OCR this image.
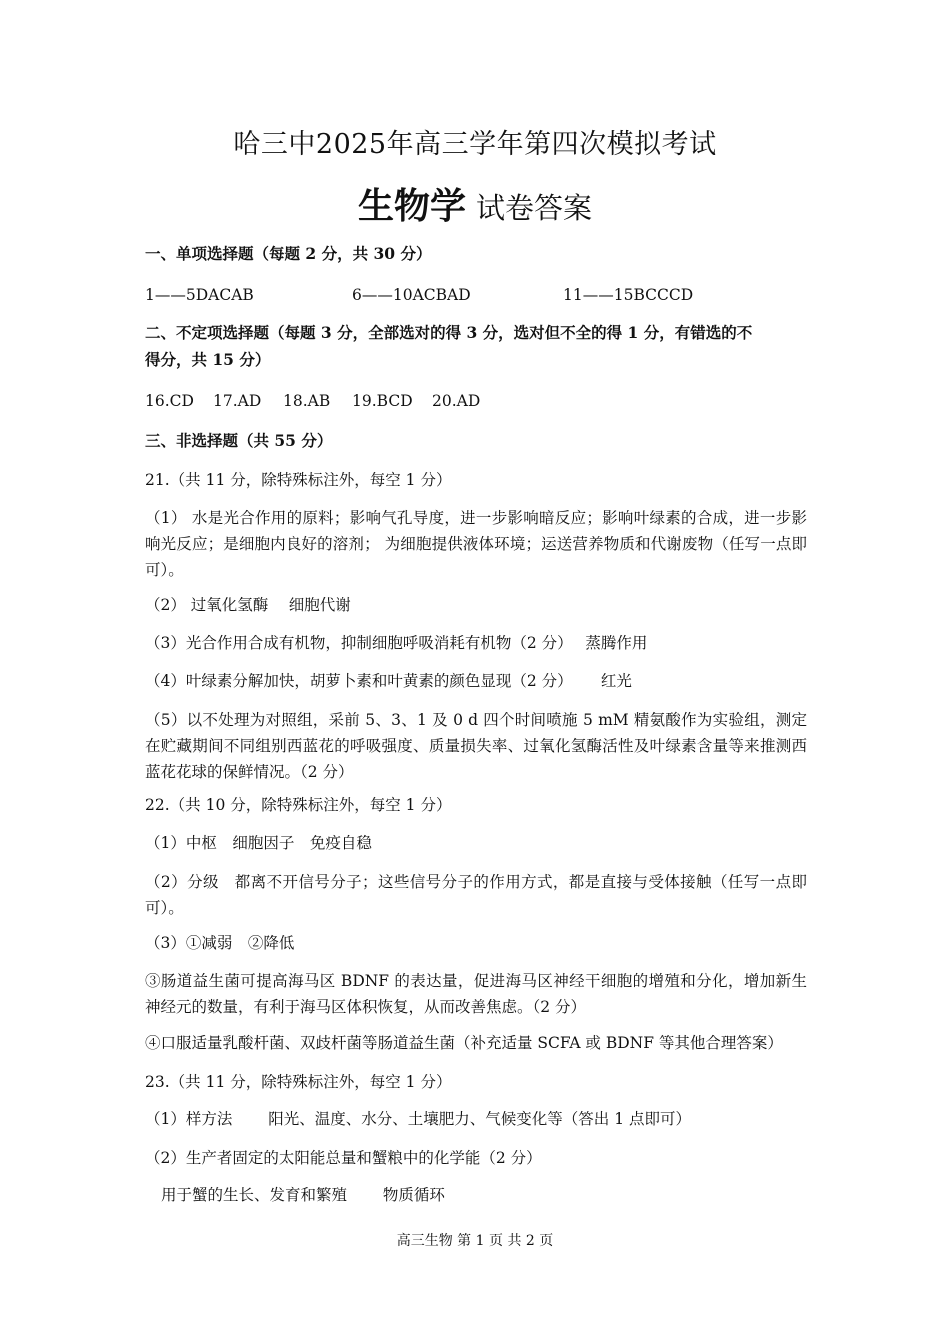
哈三中2025年高三学年第四次模拟考试
生物学 试卷答案
一、单项选择题（每题 2 分，共 30 分）
1——5DACAB	6——10ACBAD	11——15BCCCD
二、不定项选择题（每题 3 分，全部选对的得 3 分，选对但不全的得 1 分，有错选的不
得分，共 15 分）
16.CD 17.AD 18.AB 19.BCD 20.AD
三、非选择题（共 55 分）
21.（共 11 分，除特殊标注外，每空 1 分）
（1） 水是光合作用的原料；影响气孔导度，进一步影响暗反应；影响叶绿素的合成，进一步影响光反应；是细胞内良好的溶剂； 为细胞提供液体环境；运送营养物质和代谢废物（任写一点即可）。
（2） 过氧化氢酶　 细胞代谢
（3）光合作用合成有机物，抑制细胞呼吸消耗有机物（2 分）　 蒸腾作用
（4）叶绿素分解加快，胡萝卜素和叶黄素的颜色显现（2 分）　　 红光
（5）以不处理为对照组，采前 5、3、1 及 0 d 四个时间喷施 5 mM 精氨酸作为实验组，测定在贮藏期间不同组别西蓝花的呼吸强度、质量损失率、过氧化氢酶活性及叶绿素含量等来推测西蓝花花球的保鲜情况。（2 分）
22.（共 10 分，除特殊标注外，每空 1 分）
（1）中枢　细胞因子　免疫自稳
（2）分级　都离不开信号分子；这些信号分子的作用方式，都是直接与受体接触（任写一点即可）。
（3）①减弱　②降低
③肠道益生菌可提高海马区 BDNF 的表达量，促进海马区神经干细胞的增殖和分化，增加新生神经元的数量，有利于海马区体积恢复，从而改善焦虑。（2 分）
④口服适量乳酸杆菌、双歧杆菌等肠道益生菌（补充适量 SCFA 或 BDNF 等其他合理答案）
23.（共 11 分，除特殊标注外，每空 1 分）
（1）样方法　　 阳光、温度、水分、土壤肥力、气候变化等（答出 1 点即可）
（2）生产者固定的太阳能总量和蟹粮中的化学能（2 分）
用于蟹的生长、发育和繁殖　　 物质循环
高三生物 第 1 页 共 2 页
